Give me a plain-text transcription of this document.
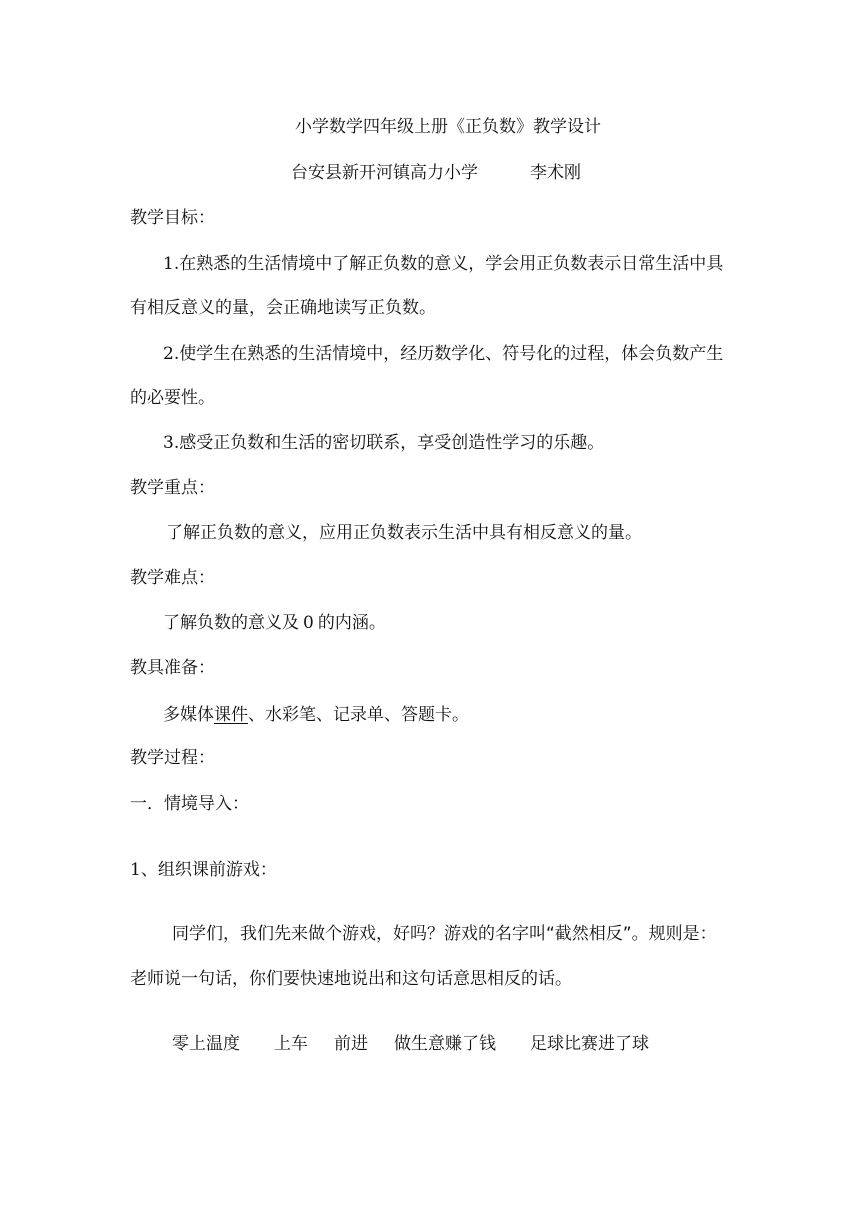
小学数学四年级上册《正负数》教学设计
台安县新开河镇高力小学	李术刚
教学目标：
1.在熟悉的生活情境中了解正负数的意义，学会用正负数表示日常生活中具
有相反意义的量，会正确地读写正负数。
2.使学生在熟悉的生活情境中，经历数学化、符号化的过程，体会负数产生
的必要性。
3.感受正负数和生活的密切联系，享受创造性学习的乐趣。
教学重点：
了解正负数的意义，应用正负数表示生活中具有相反意义的量。
教学难点：
了解负数的意义及 0 的内涵。
教具准备：
多媒体课件、水彩笔、记录单、答题卡。
教学过程：
一．情境导入：
1、组织课前游戏：
同学们，我们先来做个游戏，好吗？游戏的名字叫“截然相反”。规则是：
老师说一句话，你们要快速地说出和这句话意思相反的话。
零上温度 上车 前进 做生意赚了钱 足球比赛进了球
